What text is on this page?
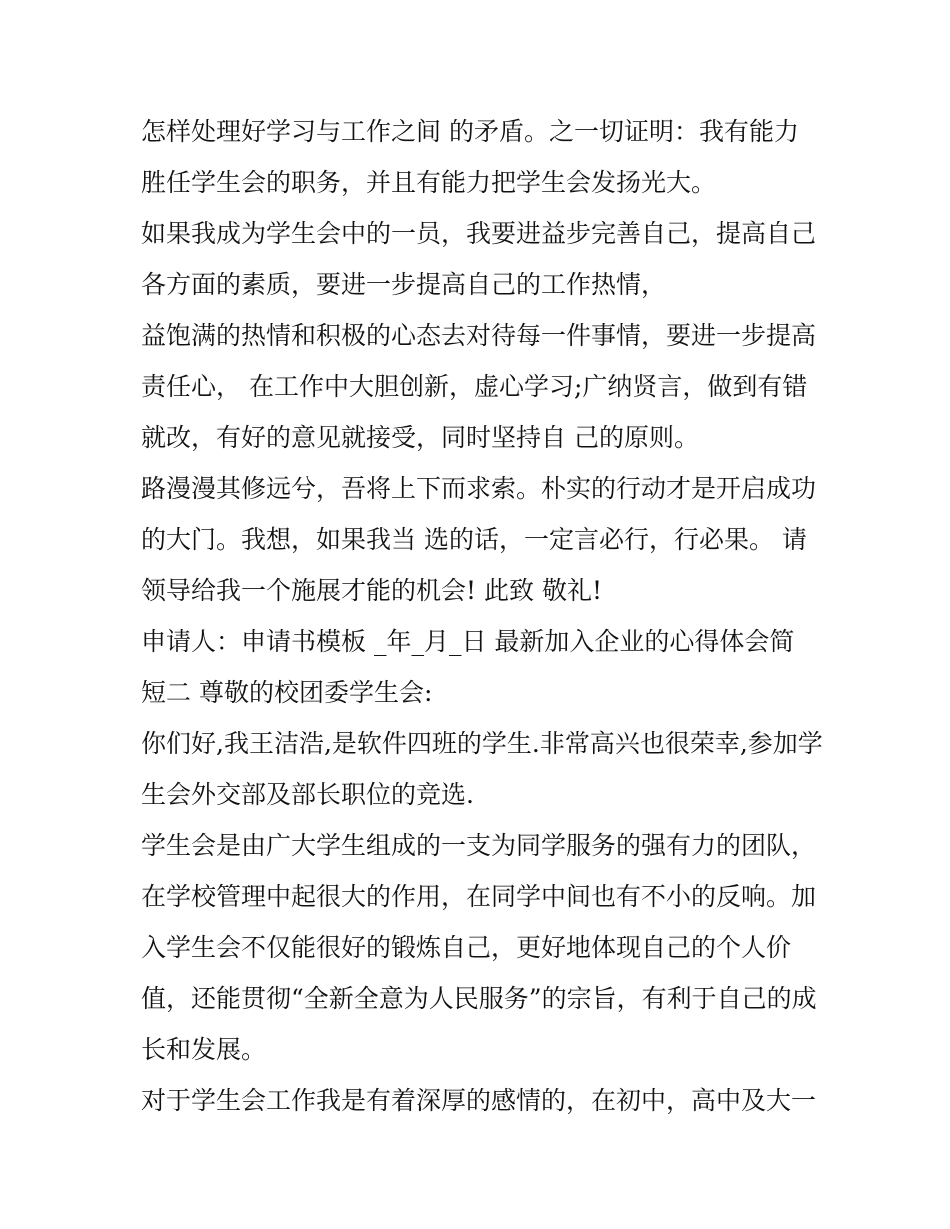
怎样处理好学习与工作之间 的矛盾。之一切证明：我有能力
胜任学生会的职务，并且有能力把学生会发扬光大。
如果我成为学生会中的一员，我要进益步完善自己，提高自己
各方面的素质，要进一步提高自己的工作热情，
益饱满的热情和积极的心态去对待每一件事情，要进一步提高
责任心， 在工作中大胆创新，虚心学习;广纳贤言，做到有错
就改，有好的意见就接受，同时坚持自 己的原则。
路漫漫其修远兮，吾将上下而求索。朴实的行动才是开启成功
的大门。我想，如果我当 选的话，一定言必行，行必果。 请
领导给我一个施展才能的机会! 此致 敬礼!
申请人：申请书模板 _年_月_日 最新加入企业的心得体会简
短二 尊敬的校团委学生会:
你们好,我王洁浩,是软件四班的学生.非常高兴也很荣幸,参加学
生会外交部及部长职位的竞选.
学生会是由广大学生组成的一支为同学服务的强有力的团队，
在学校管理中起很大的作用，在同学中间也有不小的反响。加
入学生会不仅能很好的锻炼自己，更好地体现自己的个人价
值，还能贯彻“全新全意为人民服务”的宗旨，有利于自己的成
长和发展。
对于学生会工作我是有着深厚的感情的，在初中，高中及大一
